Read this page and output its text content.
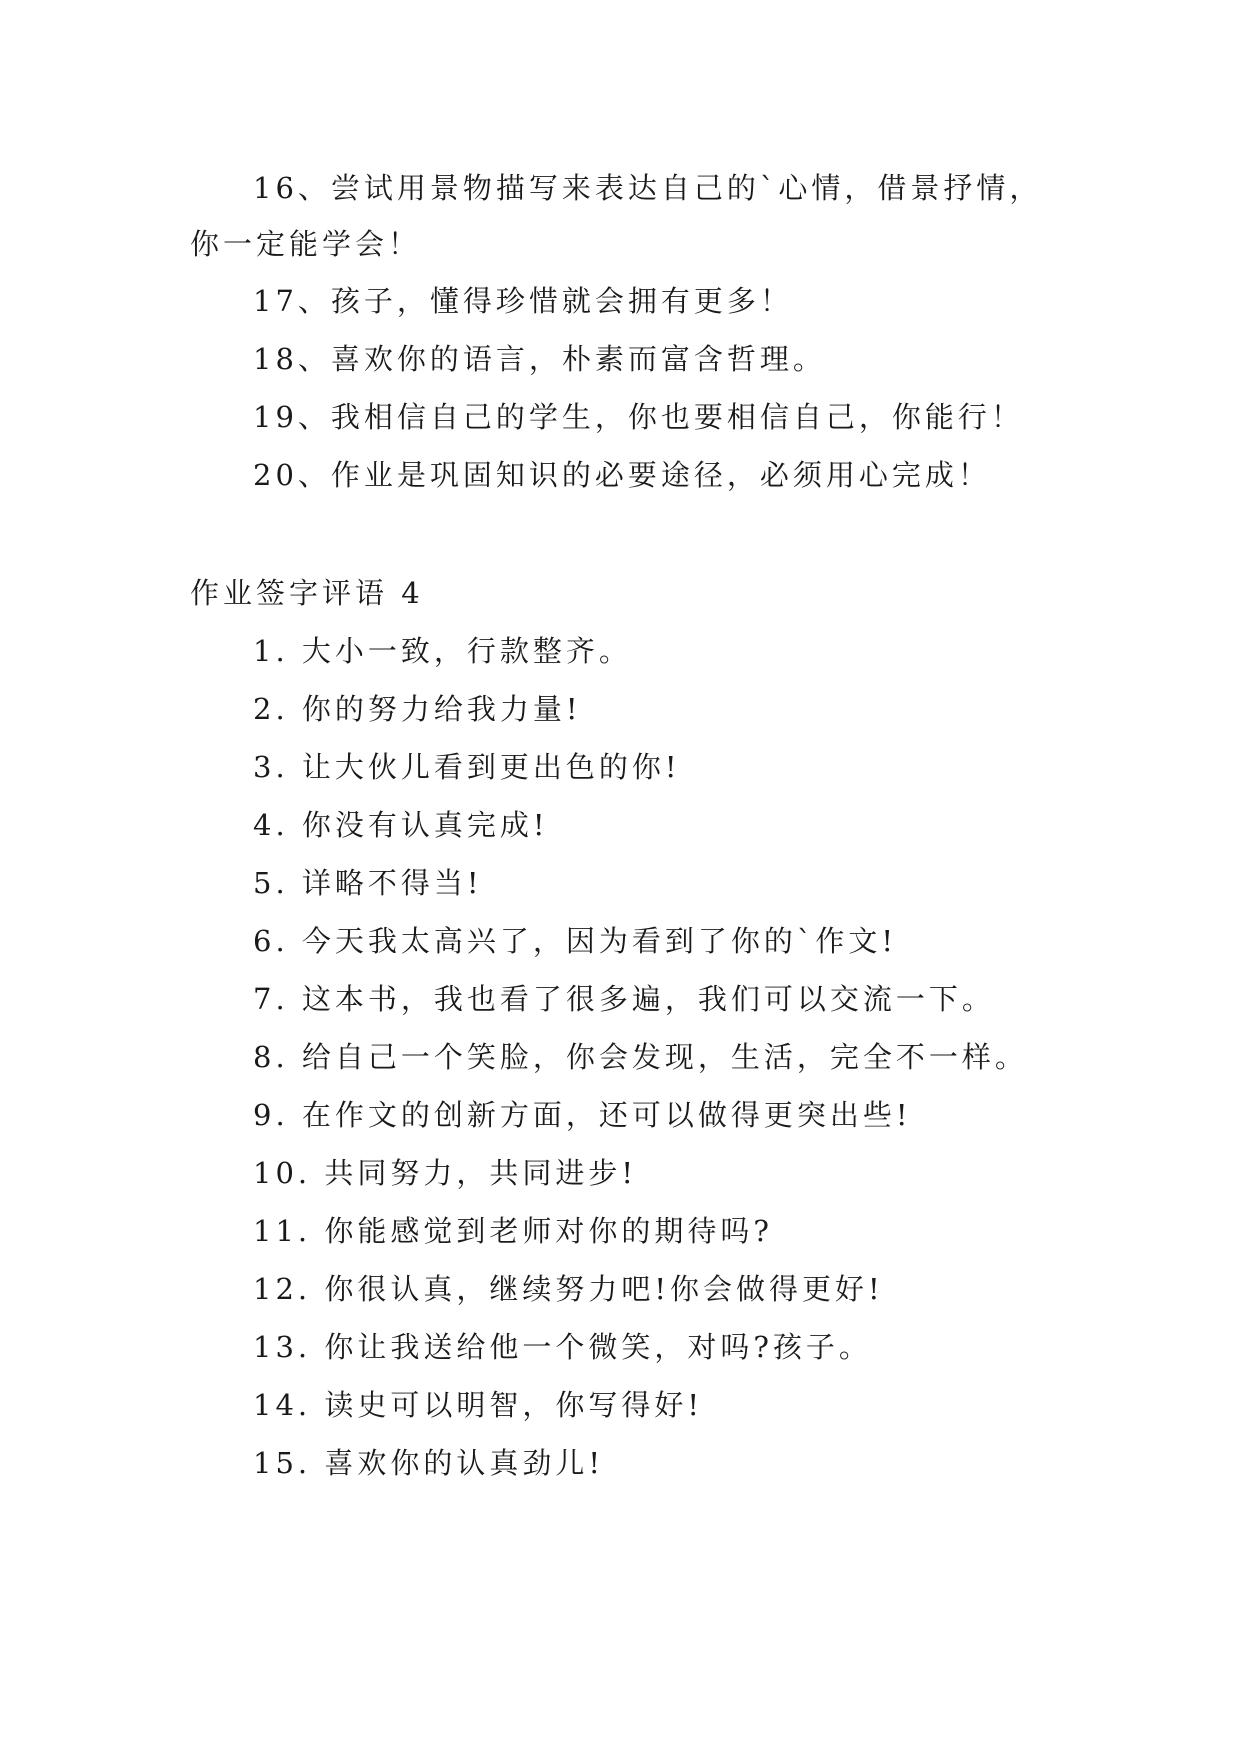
16、尝试用景物描写来表达自己的`心情，借景抒情，
你一定能学会！
17、孩子，懂得珍惜就会拥有更多！
18、喜欢你的语言，朴素而富含哲理。
19、我相信自己的学生，你也要相信自己，你能行！
20、作业是巩固知识的必要途径，必须用心完成！
作业签字评语 4
1. 大小一致，行款整齐。
2. 你的努力给我力量!
3. 让大伙儿看到更出色的你!
4. 你没有认真完成!
5. 详略不得当!
6. 今天我太高兴了，因为看到了你的`作文!
7. 这本书，我也看了很多遍，我们可以交流一下。
8. 给自己一个笑脸，你会发现，生活，完全不一样。
9. 在作文的创新方面，还可以做得更突出些!
10. 共同努力，共同进步!
11. 你能感觉到老师对你的期待吗?
12. 你很认真，继续努力吧!你会做得更好!
13. 你让我送给他一个微笑，对吗?孩子。
14. 读史可以明智，你写得好!
15. 喜欢你的认真劲儿!
